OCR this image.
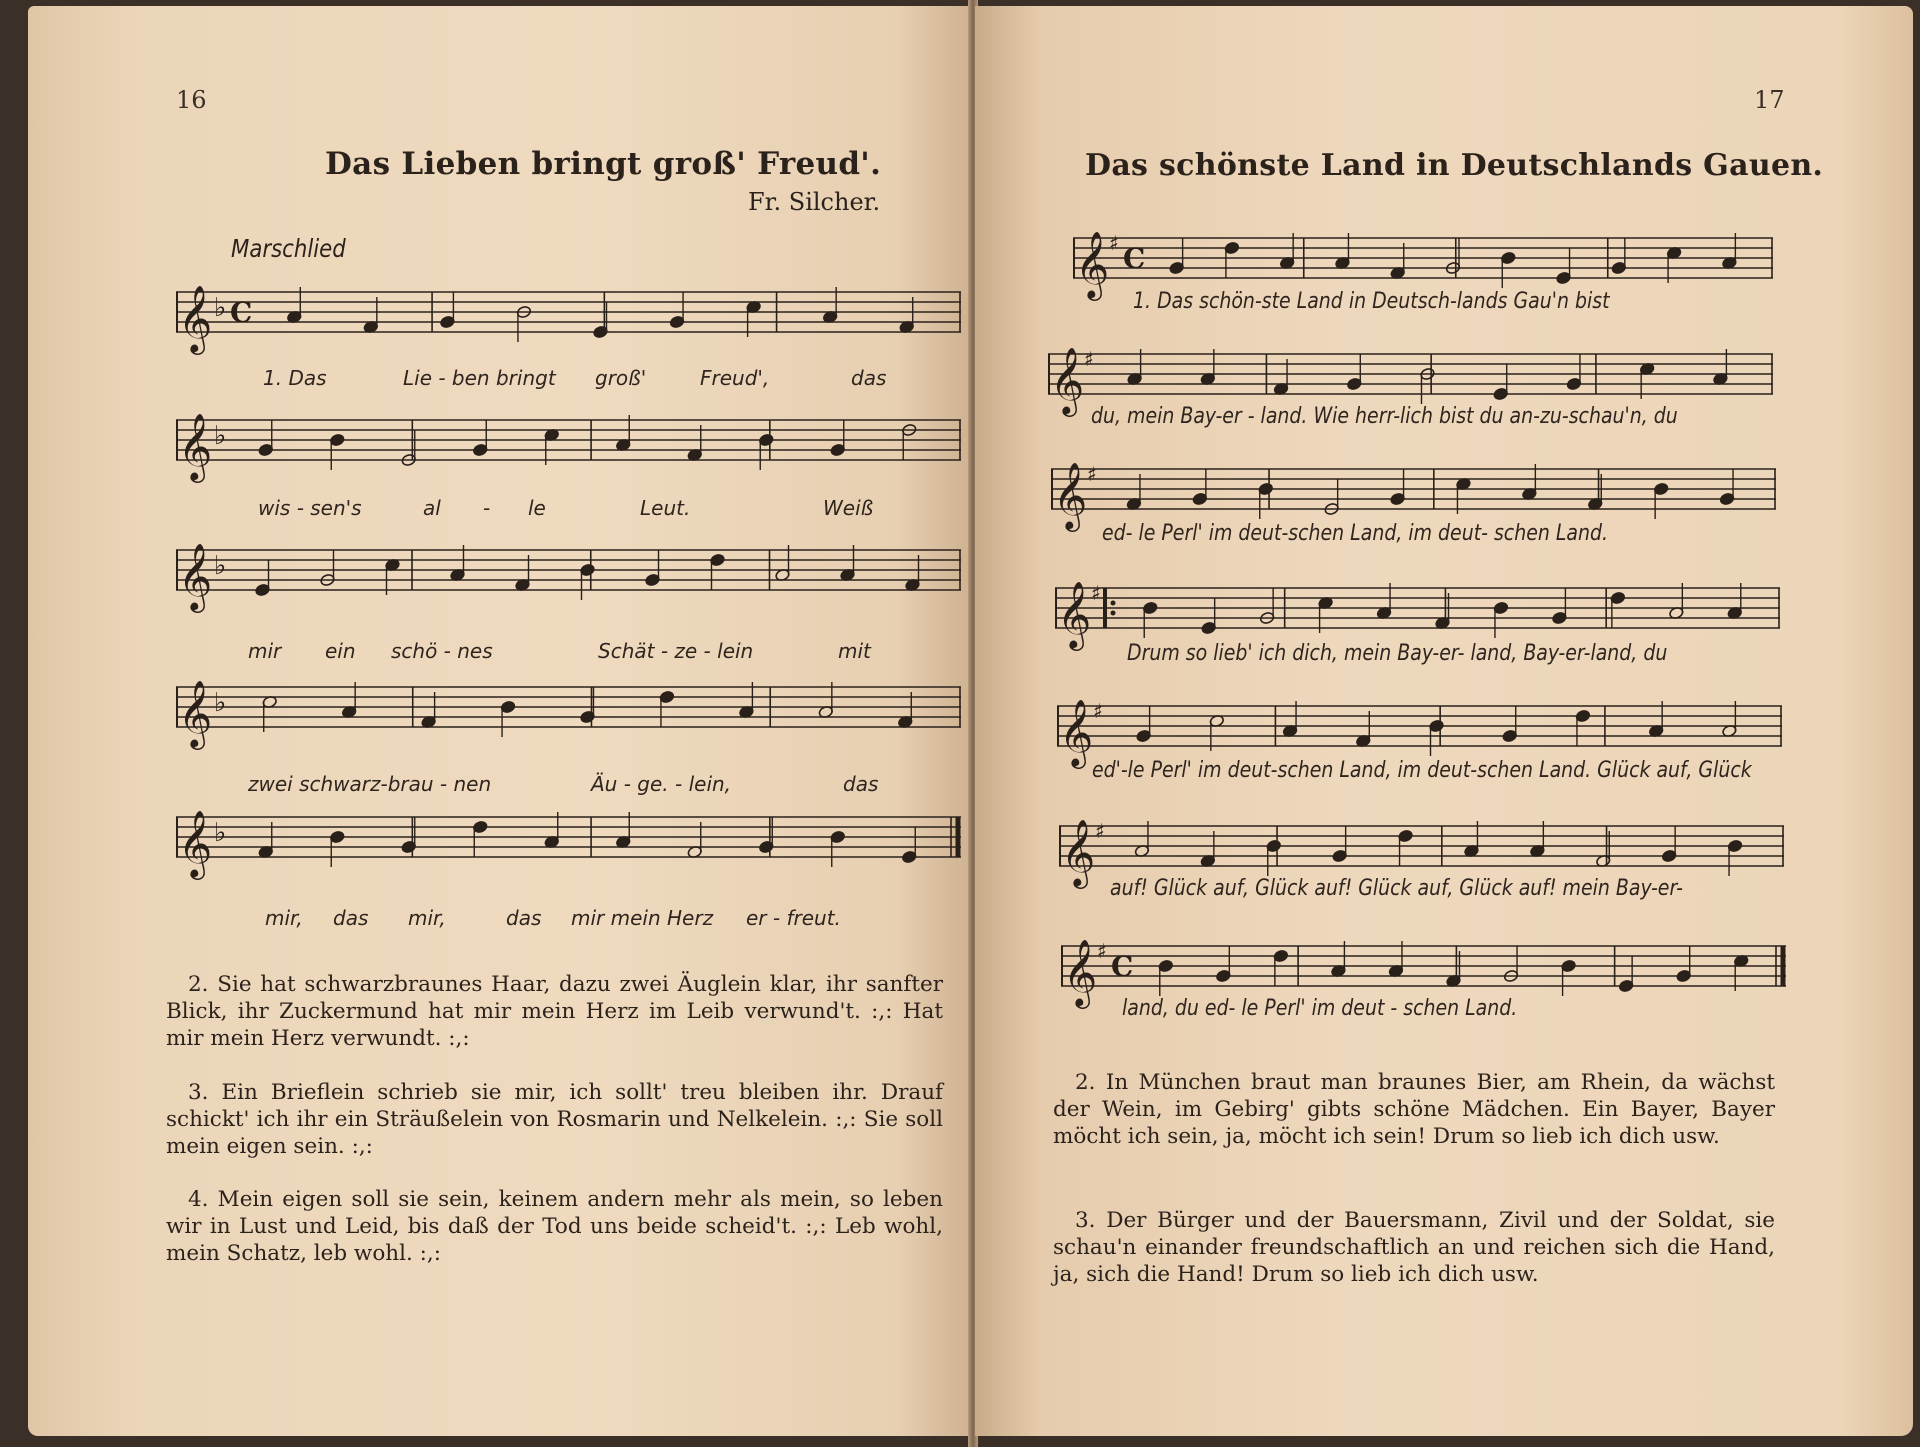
16
Das Lieben bringt groß' Freud'.
Fr. Silcher.
Marschlied
𝄞 ♭ C
1. Das	Lie - ben bringt groß'	Freud',	das
𝄞 ♭
wis - sen's	al - le	Leut.	Weiß
𝄞 ♭
mir ein schö - nes	Schät - ze - lein	mit
𝄞 ♭
zwei schwarz-brau - nen	Äu - ge. - lein,	das
𝄞 ♭
mir, das mir,	das mir mein Herz er - freut.
2. Sie hat schwarzbraunes Haar, dazu zwei Äuglein klar, ihr sanfter Blick, ihr Zuckermund hat mir mein Herz im Leib verwund't. :,: Hat mir mein Herz verwundt. :,:
3. Ein Brieflein schrieb sie mir, ich sollt' treu bleiben ihr. Drauf schickt' ich ihr ein Sträußelein von Rosmarin und Nelkelein. :,: Sie soll mein eigen sein. :,:
4. Mein eigen soll sie sein, keinem andern mehr als mein, so leben wir in Lust und Leid, bis daß der Tod uns beide scheid't. :,: Leb wohl, mein Schatz, leb wohl. :,:
17
Das schönste Land in Deutschlands Gauen.
𝄞 ♯ C
1. Das schön-ste Land in Deutsch-lands Gau'n bist
𝄞 ♯
du, mein Bay-er - land. Wie herr-lich bist du an-zu-schau'n, du
𝄞 ♯
ed- le Perl' im deut-schen Land, im deut- schen Land.
𝄞 ♯
Drum so lieb' ich dich, mein Bay-er- land, Bay-er-land, du
𝄞 ♯
ed'-le Perl' im deut-schen Land, im deut-schen Land. Glück auf, Glück
𝄞 ♯
auf! Glück auf, Glück auf! Glück auf, Glück auf! mein Bay-er-
𝄞 ♯ C
land, du ed- le Perl' im deut - schen Land.
2. In München braut man braunes Bier, am Rhein, da wächst der Wein, im Gebirg' gibts schöne Mädchen. Ein Bayer, Bayer möcht ich sein, ja, möcht ich sein! Drum so lieb ich dich usw.
3. Der Bürger und der Bauersmann, Zivil und der Soldat, sie schau'n einander freundschaftlich an und reichen sich die Hand, ja, sich die Hand! Drum so lieb ich dich usw.
